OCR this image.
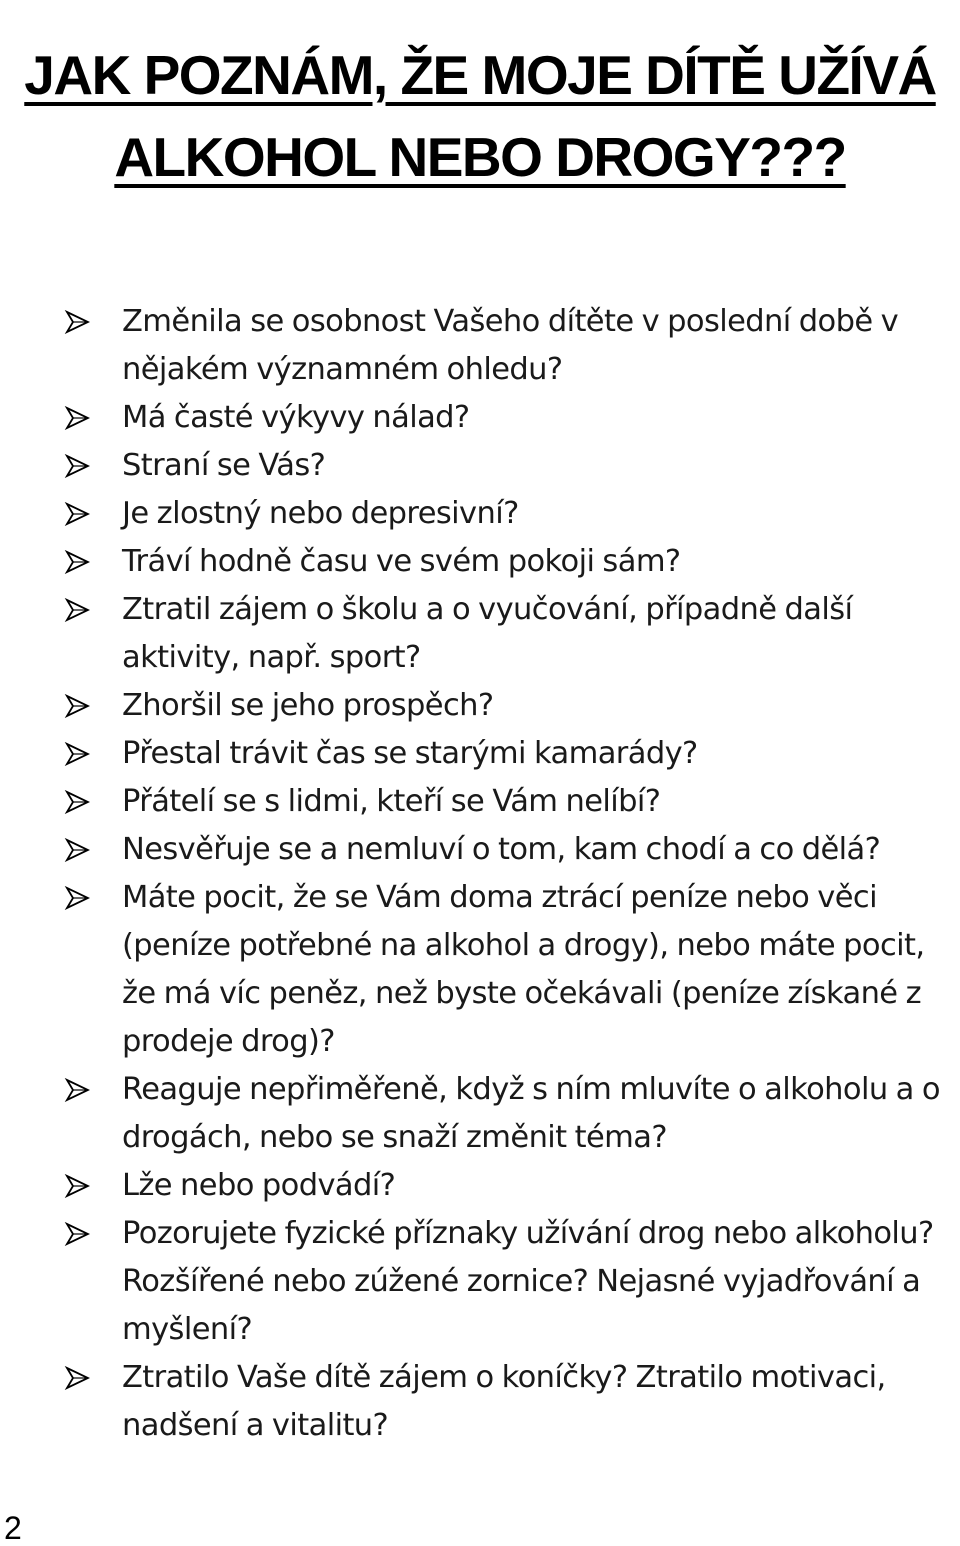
JAK POZNÁM, ŽE MOJE DÍTĚ UŽÍVÁ
ALKOHOL NEBO DROGY???
Změnila se osobnost Vašeho dítěte v poslední době v nějakém významném ohledu?
Má časté výkyvy nálad?
Straní se Vás?
Je zlostný nebo depresivní?
Tráví hodně času ve svém pokoji sám?
Ztratil zájem o školu a o vyučování, případně další aktivity, např. sport?
Zhoršil se jeho prospěch?
Přestal trávit čas se starými kamarády?
Přátelí se s lidmi, kteří se Vám nelíbí?
Nesvěřuje se a nemluví o tom, kam chodí a co dělá?
Máte pocit, že se Vám doma ztrácí peníze nebo věci (peníze potřebné na alkohol a drogy), nebo máte pocit, že má víc peněz, než byste očekávali (peníze získané z prodeje drog)?
Reaguje nepřiměřeně, když s ním mluvíte o alkoholu a o drogách, nebo se snaží změnit téma?
Lže nebo podvádí?
Pozorujete fyzické příznaky užívání drog nebo alkoholu? Rozšířené nebo zúžené zornice? Nejasné vyjadřování a myšlení?
Ztratilo Vaše dítě zájem o koníčky? Ztratilo motivaci, nadšení a vitalitu?
2
